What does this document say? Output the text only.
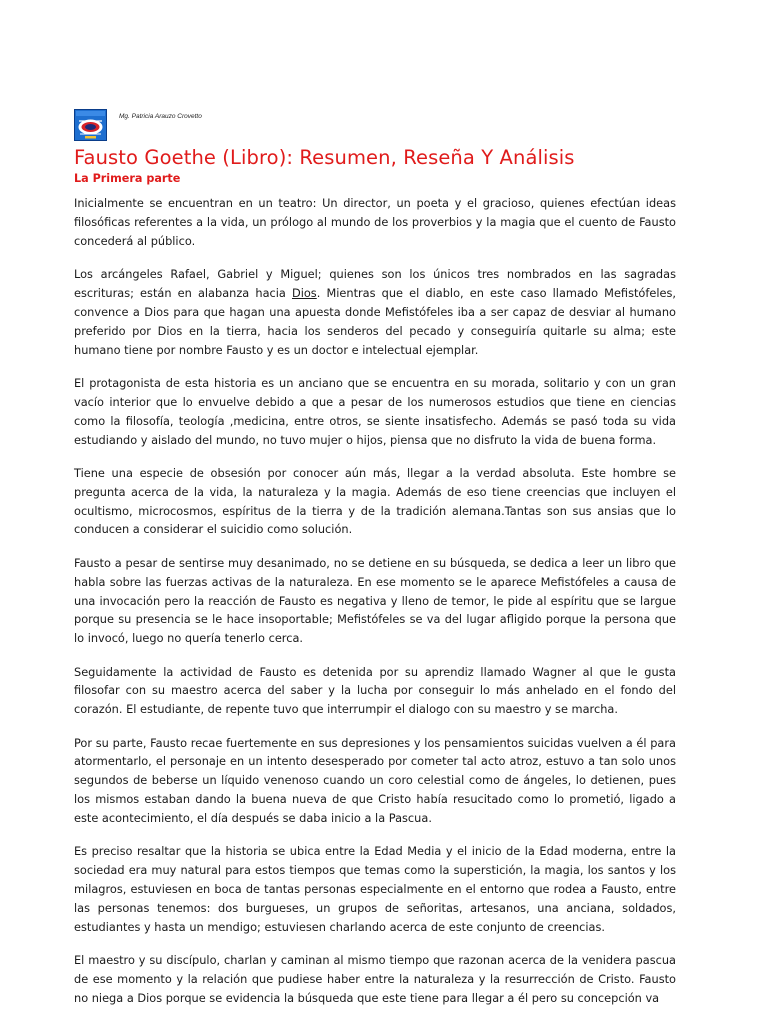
Mg. Patricia Arauzo Crovetto
Fausto Goethe (Libro): Resumen, Reseña Y Análisis
La Primera parte

Inicialmente se encuentran en un teatro: Un director, un poeta y el gracioso, quienes efectúan ideas filosóficas referentes a la vida, un prólogo al mundo de los proverbios y la magia que el cuento de Fausto concederá al público.

Los arcángeles Rafael, Gabriel y Miguel; quienes son los únicos tres nombrados en las sagradas escrituras; están en alabanza hacia Dios. Mientras que el diablo, en este caso llamado Mefistófeles, convence a Dios para que hagan una apuesta donde Mefistófeles iba a ser capaz de desviar al humano preferido por Dios en la tierra, hacia los senderos del pecado y conseguiría quitarle su alma; este humano tiene por nombre Fausto y es un doctor e intelectual ejemplar.

El protagonista de esta historia es un anciano que se encuentra en su morada, solitario y con un gran vacío interior que lo envuelve debido a que a pesar de los numerosos estudios que tiene en ciencias como la filosofía, teología ,medicina, entre otros, se siente insatisfecho. Además se pasó toda su vida estudiando y aislado del mundo, no tuvo mujer o hijos, piensa que no disfruto la vida de buena forma.

Tiene una especie de obsesión por conocer aún más, llegar a la verdad absoluta. Este hombre se pregunta acerca de la vida, la naturaleza y la magia. Además de eso tiene creencias que incluyen el ocultismo, microcosmos, espíritus de la tierra y de la tradición alemana.Tantas son sus ansias que lo conducen a considerar el suicidio como solución.

Fausto a pesar de sentirse muy desanimado, no se detiene en su búsqueda, se dedica a leer un libro que habla sobre las fuerzas activas de la naturaleza. En ese momento se le aparece Mefistófeles a causa de una invocación pero la reacción de Fausto es negativa y lleno de temor, le pide al espíritu que se largue porque su presencia se le hace insoportable; Mefistófeles se va del lugar afligido porque la persona que lo invocó, luego no quería tenerlo cerca.

Seguidamente la actividad de Fausto es detenida por su aprendiz llamado Wagner al que le gusta filosofar con su maestro acerca del saber y la lucha por conseguir lo más anhelado en el fondo del corazón. El estudiante, de repente tuvo que interrumpir el dialogo con su maestro y se marcha.

Por su parte, Fausto recae fuertemente en sus depresiones y los pensamientos suicidas vuelven a él para atormentarlo, el personaje en un intento desesperado por cometer tal acto atroz, estuvo a tan solo unos segundos de beberse un líquido venenoso cuando un coro celestial como de ángeles, lo detienen, pues los mismos estaban dando la buena nueva de que Cristo había resucitado como lo prometió, ligado a este acontecimiento, el día después se daba inicio a la Pascua.

Es preciso resaltar que la historia se ubica entre la Edad Media y el inicio de la Edad moderna, entre la sociedad era muy natural para estos tiempos que temas como la superstición, la magia, los santos y los milagros, estuviesen en boca de tantas personas especialmente en el entorno que rodea a Fausto, entre las personas tenemos: dos burgueses, un grupos de señoritas, artesanos, una anciana, soldados, estudiantes y hasta un mendigo; estuviesen charlando acerca de este conjunto de creencias.

El maestro y su discípulo, charlan y caminan al mismo tiempo que razonan acerca de la venidera pascua de ese momento y la relación que pudiese haber entre la naturaleza y la resurrección de Cristo. Fausto no niega a Dios porque se evidencia la búsqueda que este tiene para llegar a él pero su concepción va
